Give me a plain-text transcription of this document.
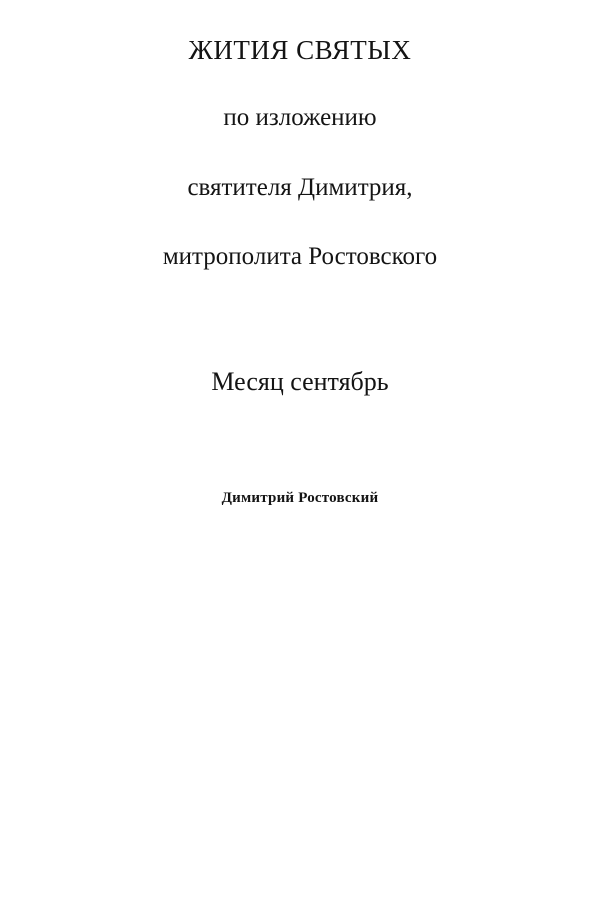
ЖИТИЯ СВЯТЫХ

по изложению

святителя Димитрия,

митрополита Ростовского

Месяц сентябрь

Димитрий Ростовский
